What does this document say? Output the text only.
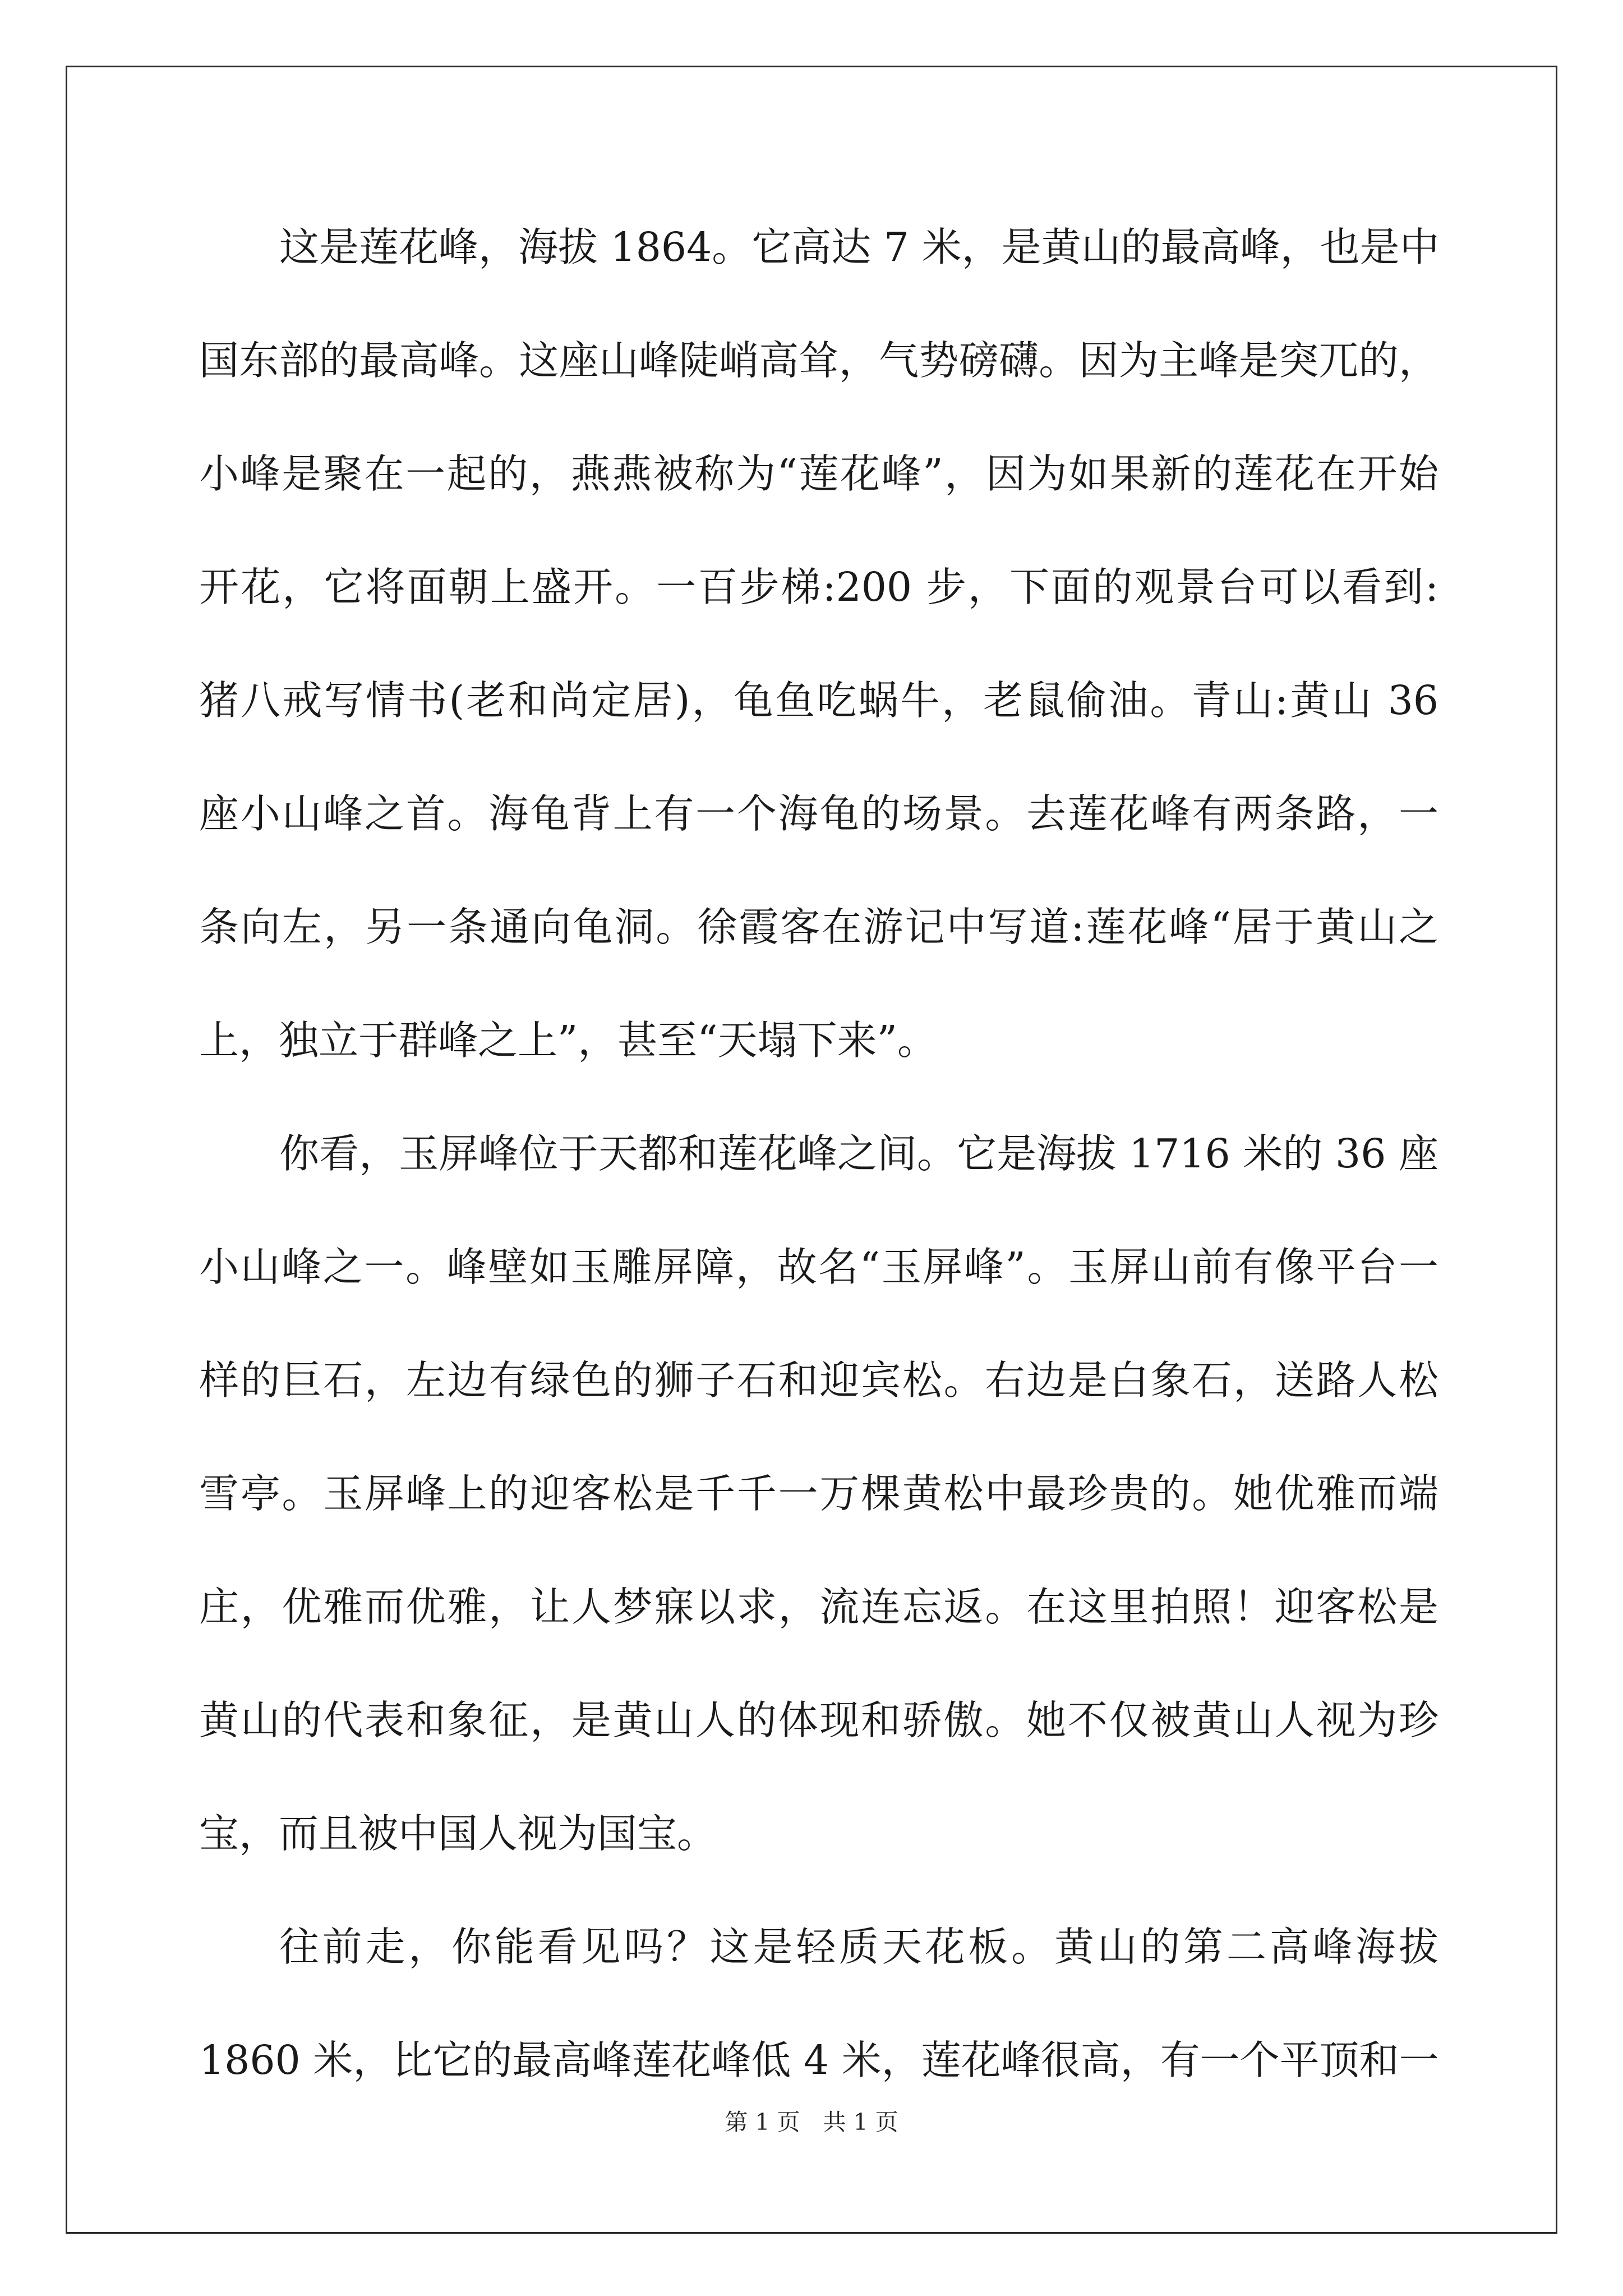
这是莲花峰，海拔 1864。它高达 7 米，是黄山的最高峰，也是中
国东部的最高峰。这座山峰陡峭高耸，气势磅礴。因为主峰是突兀的，
小峰是聚在一起的，燕燕被称为“莲花峰”，因为如果新的莲花在开始
开花，它将面朝上盛开。一百步梯:200 步，下面的观景台可以看到:
猪八戒写情书(老和尚定居)，龟鱼吃蜗牛，老鼠偷油。青山:黄山 36
座小山峰之首。海龟背上有一个海龟的场景。去莲花峰有两条路，一
条向左，另一条通向龟洞。徐霞客在游记中写道:莲花峰“居于黄山之
上，独立于群峰之上”，甚至“天塌下来”。
你看，玉屏峰位于天都和莲花峰之间。它是海拔 1716 米的 36 座
小山峰之一。峰壁如玉雕屏障，故名“玉屏峰”。玉屏山前有像平台一
样的巨石，左边有绿色的狮子石和迎宾松。右边是白象石，送路人松
雪亭。玉屏峰上的迎客松是千千一万棵黄松中最珍贵的。她优雅而端
庄，优雅而优雅，让人梦寐以求，流连忘返。在这里拍照！迎客松是
黄山的代表和象征，是黄山人的体现和骄傲。她不仅被黄山人视为珍
宝，而且被中国人视为国宝。
往前走，你能看见吗？这是轻质天花板。黄山的第二高峰海拔
1860 米，比它的最高峰莲花峰低 4 米，莲花峰很高，有一个平顶和一
第 1 页　共 1 页
